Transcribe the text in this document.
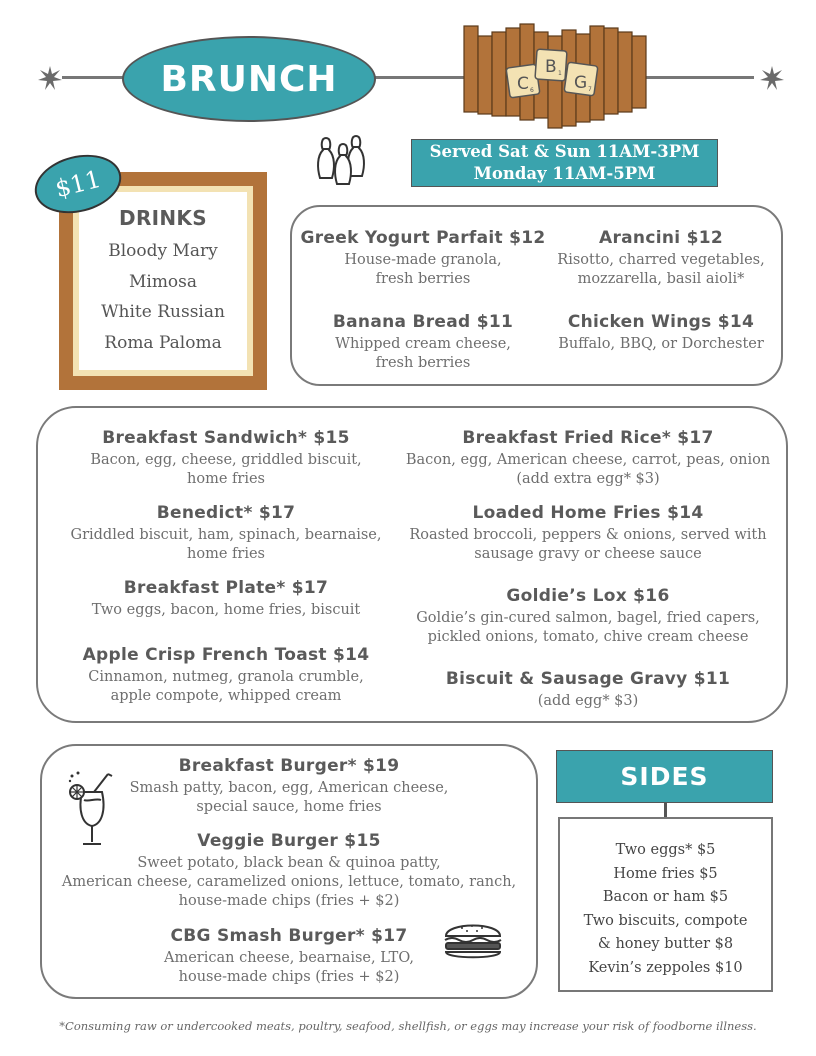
BRUNCH	C 6
B 1 G 7
Served Sat & Sun 11AM-3PM
Monday 11AM-5PM
DRINKS
Bloody Mary
Mimosa
White Russian
Roma Paloma
$11
Greek Yogurt Parfait $12
House-made granola,
fresh berries
Arancini $12
Risotto, charred vegetables,
mozzarella, basil aioli*
Banana Bread $11
Whipped cream cheese,
fresh berries
Chicken Wings $14
Buffalo, BBQ, or Dorchester
Breakfast Sandwich* $15
Bacon, egg, cheese, griddled biscuit,
home fries
Benedict* $17
Griddled biscuit, ham, spinach, bearnaise,
home fries
Breakfast Plate* $17
Two eggs, bacon, home fries, biscuit
Apple Crisp French Toast $14
Cinnamon, nutmeg, granola crumble,
apple compote, whipped cream
Breakfast Fried Rice* $17
Bacon, egg, American cheese, carrot, peas, onion
(add extra egg* $3)
Loaded Home Fries $14
Roasted broccoli, peppers & onions, served with
sausage gravy or cheese sauce
Goldie’s Lox $16
Goldie’s gin-cured salmon, bagel, fried capers,
pickled onions, tomato, chive cream cheese
Biscuit & Sausage Gravy $11
(add egg* $3)
Breakfast Burger* $19
Smash patty, bacon, egg, American cheese,
special sauce, home fries
Veggie Burger $15
Sweet potato, black bean & quinoa patty,
American cheese, caramelized onions, lettuce, tomato, ranch,
house-made chips (fries + $2)
CBG Smash Burger* $17
American cheese, bearnaise, LTO,
house-made chips (fries + $2)
SIDES
Two eggs* $5
Home fries $5
Bacon or ham $5
Two biscuits, compote
& honey butter $8
Kevin’s zeppoles $10
*Consuming raw or undercooked meats, poultry, seafood, shellfish, or eggs may increase your risk of foodborne illness.
